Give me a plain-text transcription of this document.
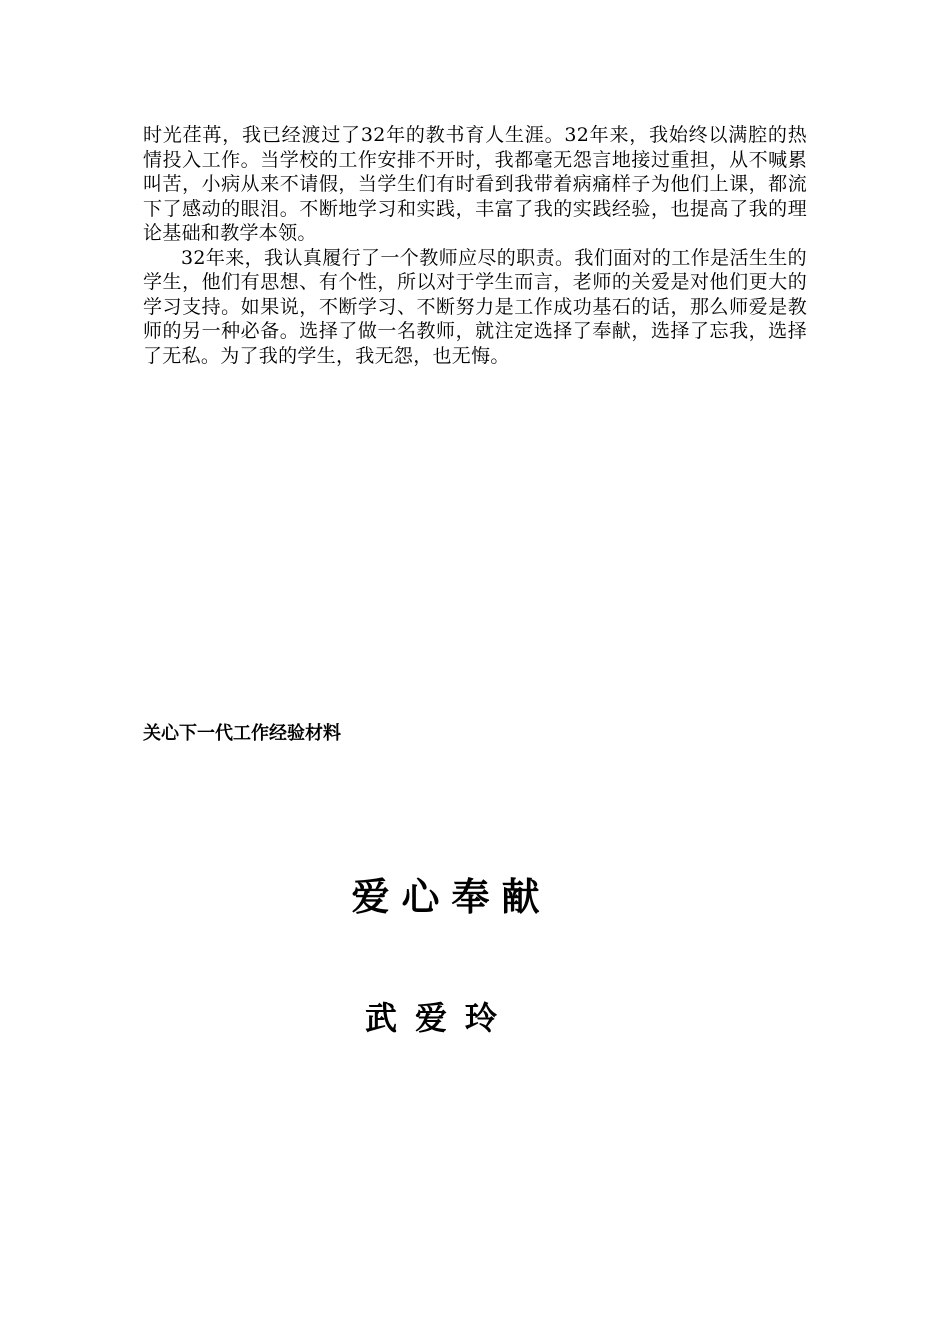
时光荏苒，我已经渡过了32年的教书育人生涯。32年来，我始终以满腔的热情投入工作。当学校的工作安排不开时，我都毫无怨言地接过重担，从不喊累叫苦，小病从来不请假，当学生们有时看到我带着病痛样子为他们上课，都流下了感动的眼泪。不断地学习和实践，丰富了我的实践经验，也提高了我的理论基础和教学本领。

32年来，我认真履行了一个教师应尽的职责。我们面对的工作是活生生的学生，他们有思想、有个性，所以对于学生而言，老师的关爱是对他们更大的学习支持。如果说，不断学习、不断努力是工作成功基石的话，那么师爱是教师的另一种必备。选择了做一名教师，就注定选择了奉献，选择了忘我，选择了无私。为了我的学生，我无怨，也无悔。

关心下一代工作经验材料
爱心奉献
武爱玲
